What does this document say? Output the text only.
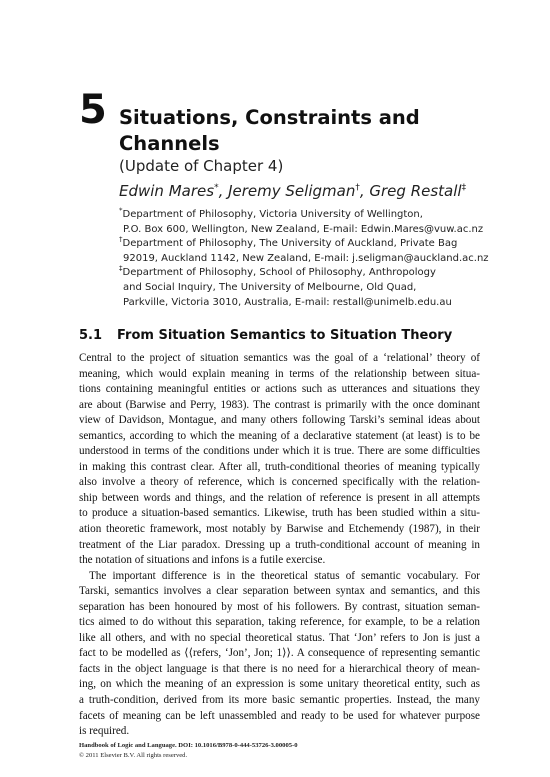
5 Situations, Constraints and
Channels
(Update of Chapter 4)
Edwin Mares*, Jeremy Seligman†, Greg Restall‡
*Department of Philosophy, Victoria University of Wellington,
P.O. Box 600, Wellington, New Zealand, E-mail: Edwin.Mares@vuw.ac.nz
†Department of Philosophy, The University of Auckland, Private Bag
92019, Auckland 1142, New Zealand, E-mail: j.seligman@auckland.ac.nz
‡Department of Philosophy, School of Philosophy, Anthropology
and Social Inquiry, The University of Melbourne, Old Quad,
Parkville, Victoria 3010, Australia, E-mail: restall@unimelb.edu.au
5.1 From Situation Semantics to Situation Theory
Central to the project of situation semantics was the goal of a ‘relational’ theory of
meaning, which would explain meaning in terms of the relationship between situa-
tions containing meaningful entities or actions such as utterances and situations they
are about (Barwise and Perry, 1983). The contrast is primarily with the once dominant
view of Davidson, Montague, and many others following Tarski’s seminal ideas about
semantics, according to which the meaning of a declarative statement (at least) is to be
understood in terms of the conditions under which it is true. There are some difficulties
in making this contrast clear. After all, truth-conditional theories of meaning typically
also involve a theory of reference, which is concerned specifically with the relation-
ship between words and things, and the relation of reference is present in all attempts
to produce a situation-based semantics. Likewise, truth has been studied within a situ-
ation theoretic framework, most notably by Barwise and Etchemendy (1987), in their
treatment of the Liar paradox. Dressing up a truth-conditional account of meaning in
the notation of situations and infons is a futile exercise.
The important difference is in the theoretical status of semantic vocabulary. For
Tarski, semantics involves a clear separation between syntax and semantics, and this
separation has been honoured by most of his followers. By contrast, situation seman-
tics aimed to do without this separation, taking reference, for example, to be a relation
like all others, and with no special theoretical status. That ‘Jon’ refers to Jon is just a
fact to be modelled as ⟨⟨refers, ‘Jon’, Jon; 1⟩⟩. A consequence of representing semantic
facts in the object language is that there is no need for a hierarchical theory of mean-
ing, on which the meaning of an expression is some unitary theoretical entity, such as
a truth-condition, derived from its more basic semantic properties. Instead, the many
facets of meaning can be left unassembled and ready to be used for whatever purpose
is required.
Handbook of Logic and Language. DOI: 10.1016/B978-0-444-53726-3.00005-0
© 2011 Elsevier B.V. All rights reserved.
